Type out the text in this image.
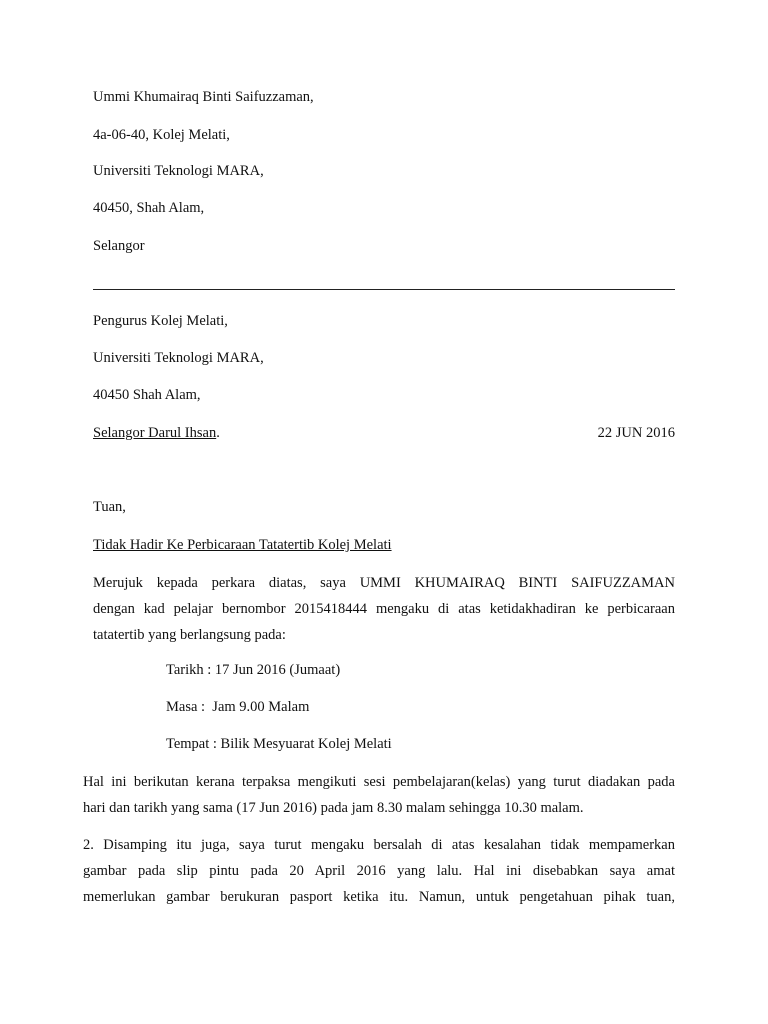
Ummi Khumairaq Binti Saifuzzaman,
4a-06-40, Kolej Melati,
Universiti Teknologi MARA,
40450, Shah Alam,
Selangor
Pengurus Kolej Melati,
Universiti Teknologi MARA,
40450 Shah Alam,
Selangor Darul Ihsan.	22 JUN 2016
Tuan,
Tidak Hadir Ke Perbicaraan Tatatertib Kolej Melati
Merujuk kepada perkara diatas, saya UMMI KHUMAIRAQ BINTI SAIFUZZAMAN
dengan kad pelajar bernombor 2015418444 mengaku di atas ketidakhadiran ke perbicaraan
tatatertib yang berlangsung pada:
Tarikh : 17 Jun 2016 (Jumaat)
Masa :  Jam 9.00 Malam
Tempat : Bilik Mesyuarat Kolej Melati
Hal ini berikutan kerana terpaksa mengikuti sesi pembelajaran(kelas) yang turut diadakan pada
hari dan tarikh yang sama (17 Jun 2016) pada jam 8.30 malam sehingga 10.30 malam.
2. Disamping itu juga, saya turut mengaku bersalah di atas kesalahan tidak mempamerkan
gambar pada slip pintu pada 20 April 2016 yang lalu. Hal ini disebabkan saya amat
memerlukan gambar berukuran pasport ketika itu. Namun, untuk pengetahuan pihak tuan,
